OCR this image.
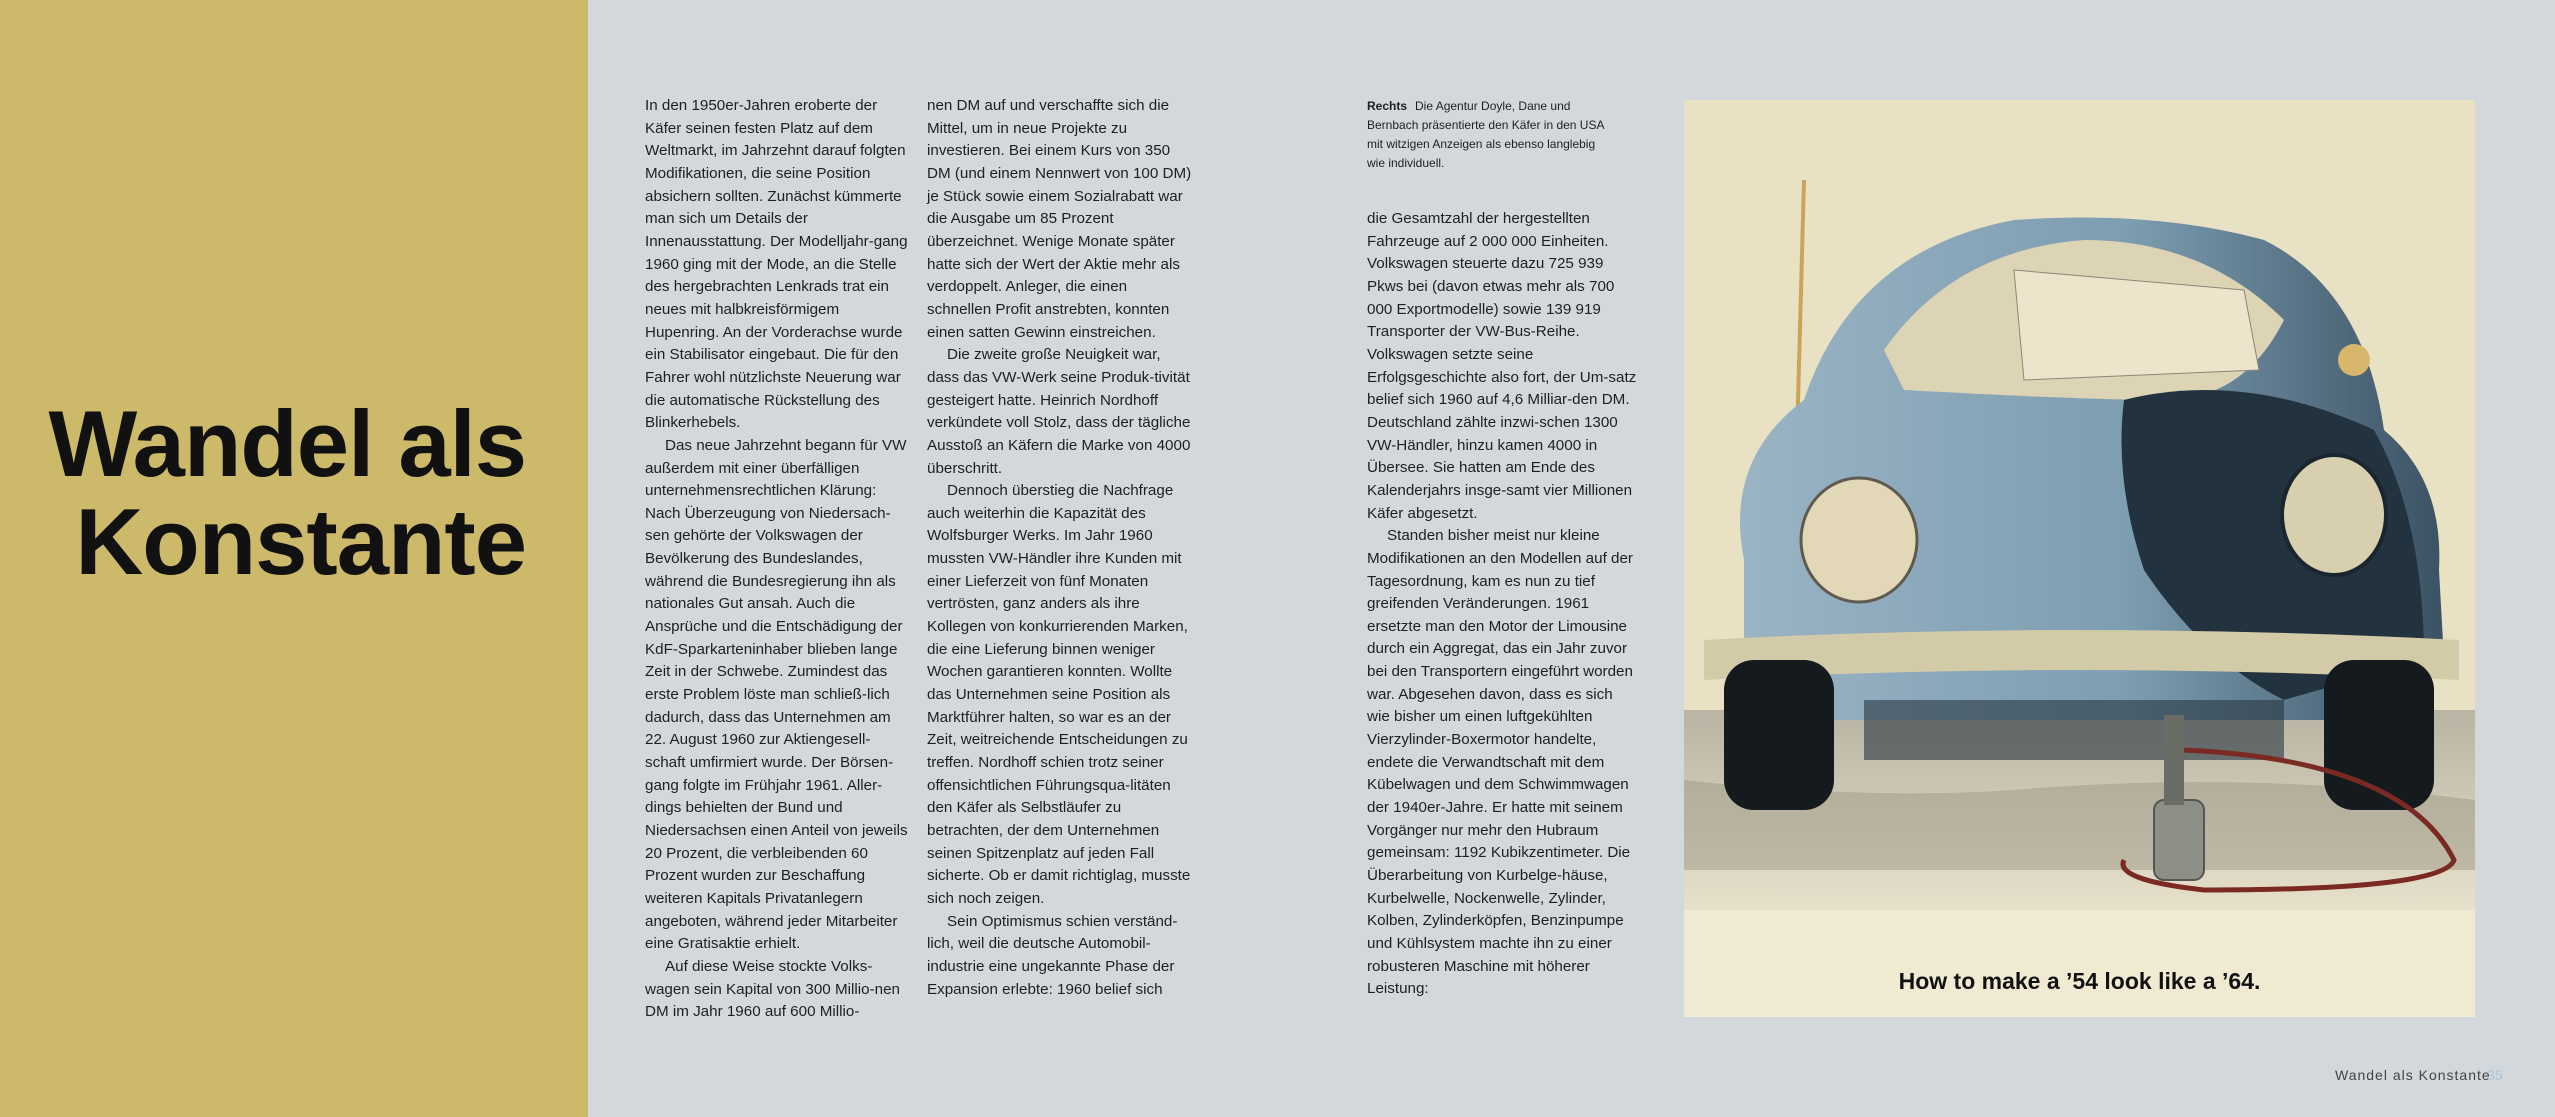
Wandel als
Konstante

In den 1950er-Jahren eroberte der Käfer seinen festen Platz auf dem Weltmarkt, im Jahrzehnt darauf folgten Modifikationen, die seine Position absichern sollten. Zunächst kümmerte man sich um Details der Innenausstattung. Der Modelljahr-gang 1960 ging mit der Mode, an die Stelle des hergebrachten Lenkrads trat ein neues mit halbkreisförmigem Hupenring. An der Vorderachse wurde ein Stabilisator eingebaut. Die für den Fahrer wohl nützlichste Neuerung war die automatische Rückstellung des Blinkerhebels.

Das neue Jahrzehnt begann für VW außerdem mit einer überfälligen unternehmensrechtlichen Klärung: Nach Überzeugung von Niedersach-sen gehörte der Volkswagen der Bevölkerung des Bundeslandes, während die Bundesregierung ihn als nationales Gut ansah. Auch die Ansprüche und die Entschädigung der KdF-Sparkarteninhaber blieben lange Zeit in der Schwebe. Zumindest das erste Problem löste man schließ-lich dadurch, dass das Unternehmen am 22. August 1960 zur Aktiengesell-schaft umfirmiert wurde. Der Börsen-gang folgte im Frühjahr 1961. Aller-dings behielten der Bund und Niedersachsen einen Anteil von jeweils 20 Prozent, die verbleibenden 60 Prozent wurden zur Beschaffung weiteren Kapitals Privatanlegern angeboten, während jeder Mitarbeiter eine Gratisaktie erhielt.

Auf diese Weise stockte Volks-wagen sein Kapital von 300 Millio-nen DM im Jahr 1960 auf 600 Millio-

nen DM auf und verschaffte sich die Mittel, um in neue Projekte zu investieren. Bei einem Kurs von 350 DM (und einem Nennwert von 100 DM) je Stück sowie einem Sozialrabatt war die Ausgabe um 85 Prozent überzeichnet. Wenige Monate später hatte sich der Wert der Aktie mehr als verdoppelt. Anleger, die einen schnellen Profit anstrebten, konnten einen satten Gewinn einstreichen.

Die zweite große Neuigkeit war, dass das VW-Werk seine Produk-tivität gesteigert hatte. Heinrich Nordhoff verkündete voll Stolz, dass der tägliche Ausstoß an Käfern die Marke von 4000 überschritt.

Dennoch überstieg die Nachfrage auch weiterhin die Kapazität des Wolfsburger Werks. Im Jahr 1960 mussten VW-Händler ihre Kunden mit einer Lieferzeit von fünf Monaten vertrösten, ganz anders als ihre Kollegen von konkurrierenden Marken, die eine Lieferung binnen weniger Wochen garantieren konnten. Wollte das Unternehmen seine Position als Marktführer halten, so war es an der Zeit, weitreichende Entscheidungen zu treffen. Nordhoff schien trotz seiner offensichtlichen Führungsqua-litäten den Käfer als Selbstläufer zu betrachten, der dem Unternehmen seinen Spitzenplatz auf jeden Fall sicherte. Ob er damit richtiglag, musste sich noch zeigen.

Sein Optimismus schien verständ-lich, weil die deutsche Automobil-industrie eine ungekannte Phase der Expansion erlebte: 1960 belief sich

Rechts Die Agentur Doyle, Dane und Bernbach präsentierte den Käfer in den USA mit witzigen Anzeigen als ebenso langlebig wie individuell.

die Gesamtzahl der hergestellten Fahrzeuge auf 2 000 000 Einheiten. Volkswagen steuerte dazu 725 939 Pkws bei (davon etwas mehr als 700 000 Exportmodelle) sowie 139 919 Transporter der VW-Bus-Reihe. Volkswagen setzte seine Erfolgsgeschichte also fort, der Um-satz belief sich 1960 auf 4,6 Milliar-den DM. Deutschland zählte inzwi-schen 1300 VW-Händler, hinzu kamen 4000 in Übersee. Sie hatten am Ende des Kalenderjahrs insge-samt vier Millionen Käfer abgesetzt.

Standen bisher meist nur kleine Modifikationen an den Modellen auf der Tagesordnung, kam es nun zu tief greifenden Veränderungen. 1961 ersetzte man den Motor der Limousine durch ein Aggregat, das ein Jahr zuvor bei den Transportern eingeführt worden war. Abgesehen davon, dass es sich wie bisher um einen luftgekühlten Vierzylinder-Boxermotor handelte, endete die Verwandtschaft mit dem Kübelwagen und dem Schwimmwagen der 1940er-Jahre. Er hatte mit seinem Vorgänger nur mehr den Hubraum gemeinsam: 1192 Kubikzentimeter. Die Überarbeitung von Kurbelge-häuse, Kurbelwelle, Nockenwelle, Zylinder, Kolben, Zylinderköpfen, Benzinpumpe und Kühlsystem machte ihn zu einer robusteren Maschine mit höherer Leistung:	How to make a ’54 look like a ’64.
Wandel als Konstante
35
